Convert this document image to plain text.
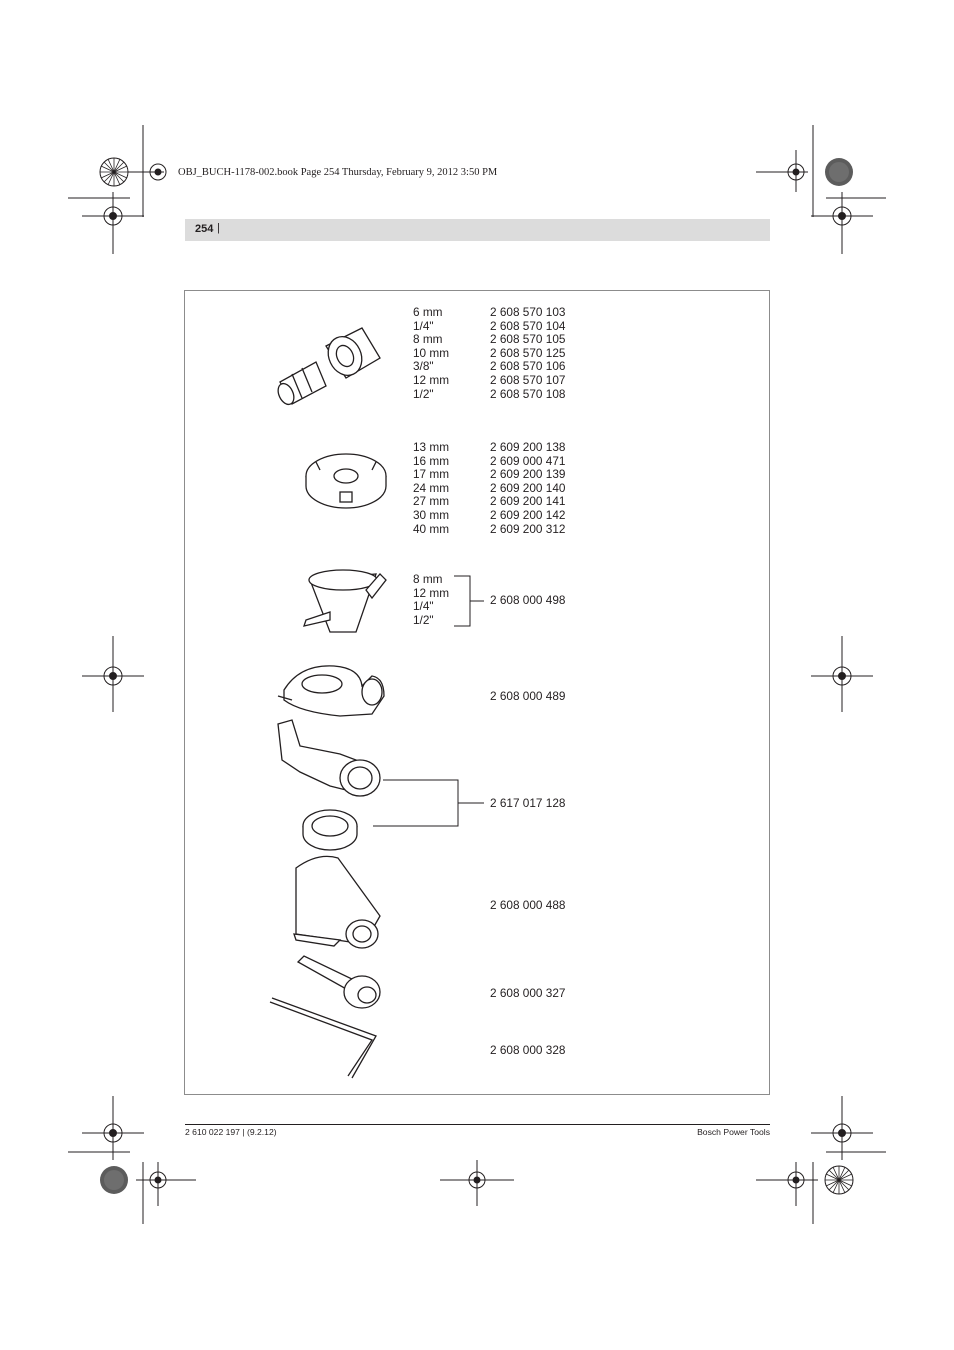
OBJ_BUCH-1178-002.book Page 254 Thursday, February 9, 2012 3:50 PM
254 |
6 mm
1/4"
8 mm
10 mm
3/8"
12 mm
1/2"
2 608 570 103
2 608 570 104
2 608 570 105
2 608 570 125
2 608 570 106
2 608 570 107
2 608 570 108
13 mm
16 mm
17 mm
24 mm
27 mm
30 mm
40 mm
2 609 200 138
2 609 000 471
2 609 200 139
2 609 200 140
2 609 200 141
2 609 200 142
2 609 200 312
8 mm
12 mm
1/4"
1/2"
2 608 000 498
2 608 000 489
2 617 017 128
2 608 000 488
2 608 000 327
2 608 000 328
2 610 022 197 | (9.2.12)	Bosch Power Tools
